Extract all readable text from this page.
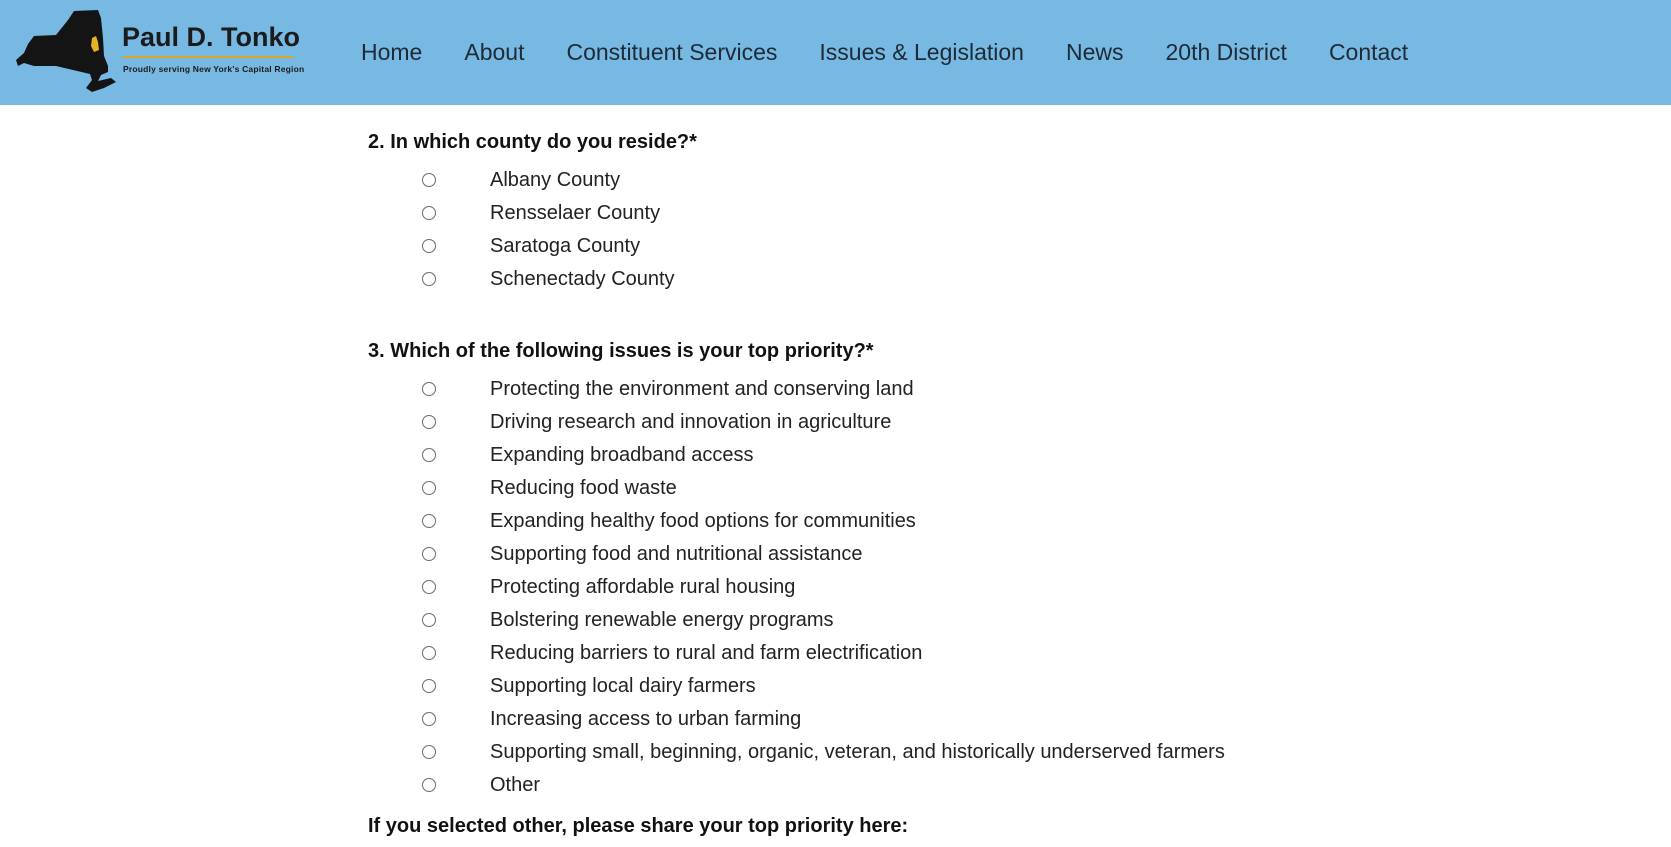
Paul D. Tonko
Proudly serving New York's Capital Region
Home About Constituent Services Issues & Legislation News 20th District Contact
2. In which county do you reside?*
Albany County
Rensselaer County
Saratoga County
Schenectady County
3. Which of the following issues is your top priority?*
Protecting the environment and conserving land
Driving research and innovation in agriculture
Expanding broadband access
Reducing food waste
Expanding healthy food options for communities
Supporting food and nutritional assistance
Protecting affordable rural housing
Bolstering renewable energy programs
Reducing barriers to rural and farm electrification
Supporting local dairy farmers
Increasing access to urban farming
Supporting small, beginning, organic, veteran, and historically underserved farmers
Other
If you selected other, please share your top priority here:
